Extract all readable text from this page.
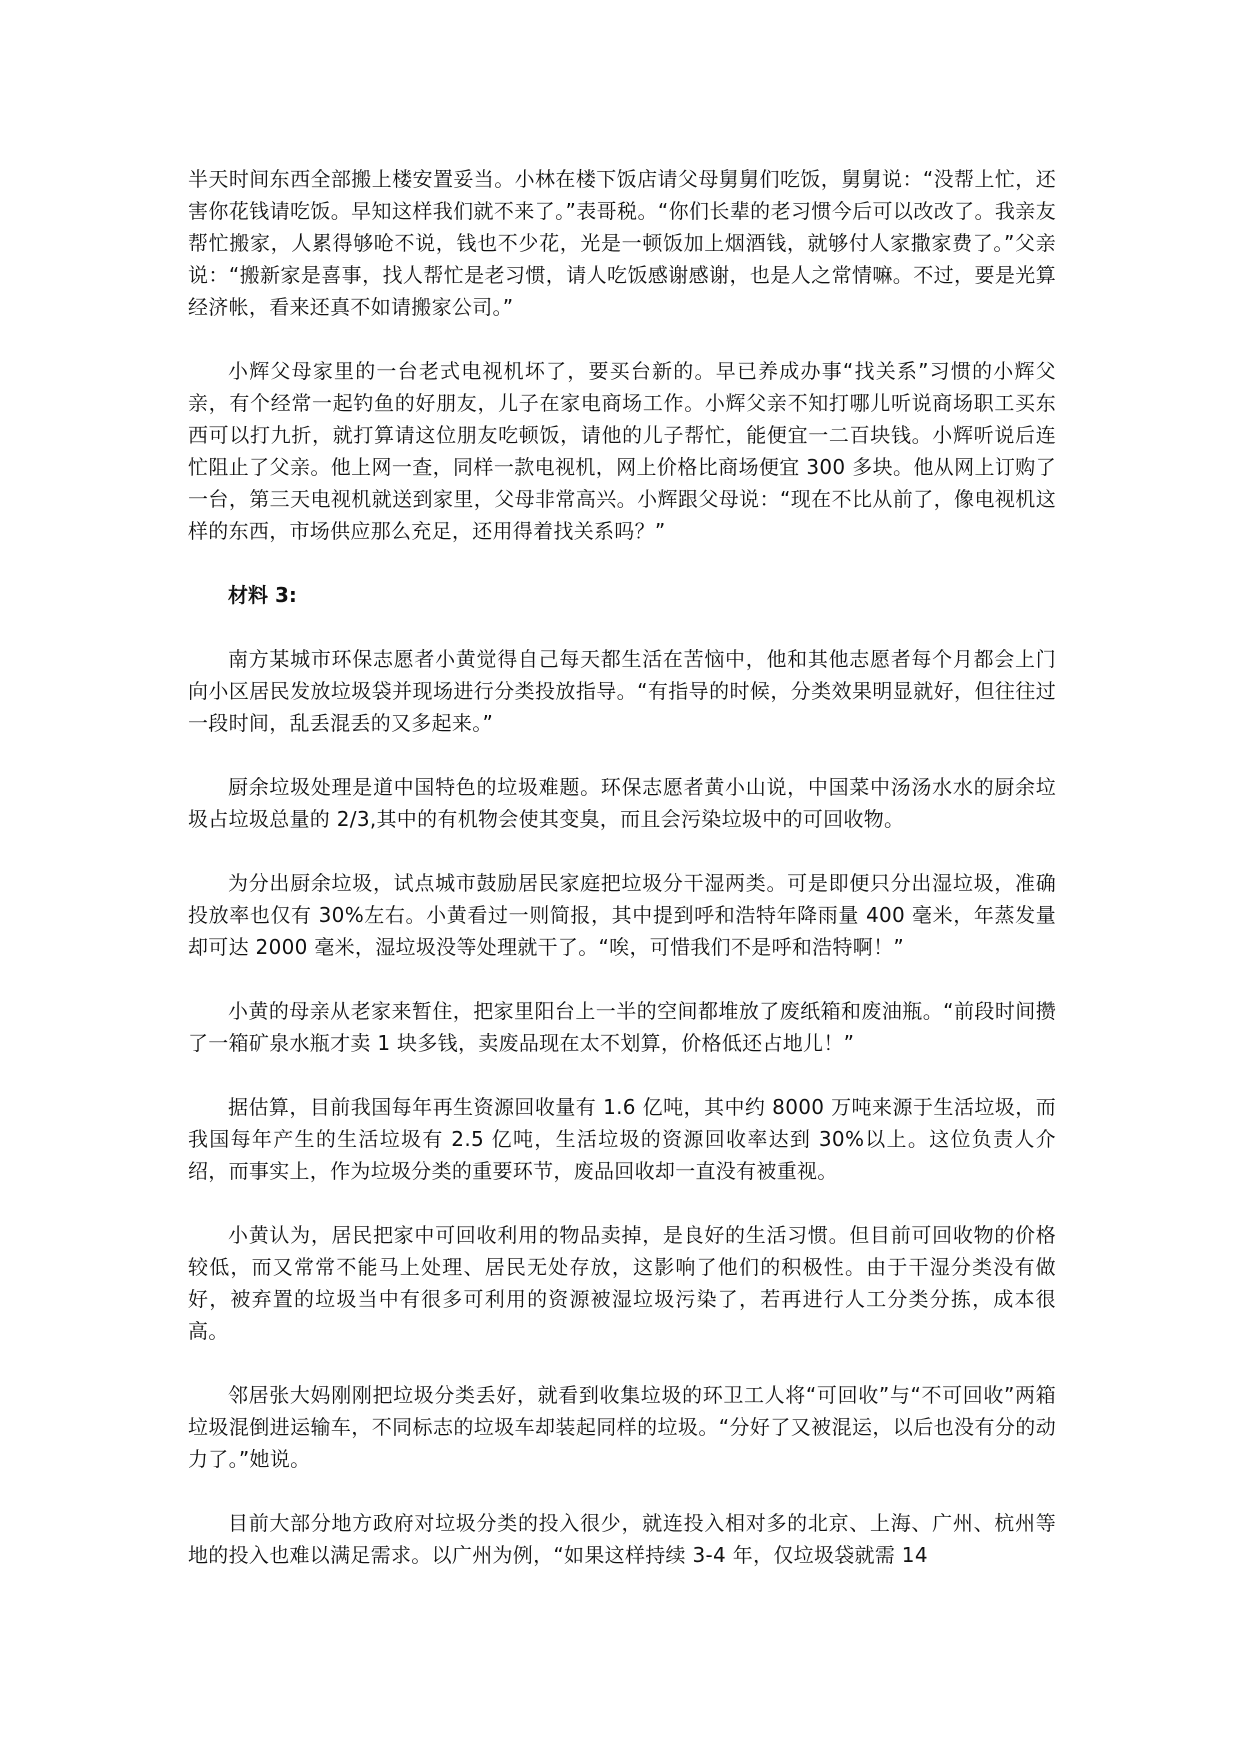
半天时间东西全部搬上楼安置妥当。小林在楼下饭店请父母舅舅们吃饭，舅舅说：“没帮上忙，还害你花钱请吃饭。早知这样我们就不来了。”表哥税。“你们长辈的老习惯今后可以改改了。我亲友帮忙搬家，人累得够呛不说，钱也不少花，光是一顿饭加上烟酒钱，就够付人家撒家费了。”父亲说：“搬新家是喜事，找人帮忙是老习惯，请人吃饭感谢感谢，也是人之常情嘛。不过，要是光算经济帐，看来还真不如请搬家公司。”

小辉父母家里的一台老式电视机坏了，要买台新的。早已养成办事“找关系”习惯的小辉父亲，有个经常一起钓鱼的好朋友，儿子在家电商场工作。小辉父亲不知打哪儿听说商场职工买东西可以打九折，就打算请这位朋友吃顿饭，请他的儿子帮忙，能便宜一二百块钱。小辉听说后连忙阻止了父亲。他上网一查，同样一款电视机，网上价格比商场便宜 300 多块。他从网上订购了一台，第三天电视机就送到家里，父母非常高兴。小辉跟父母说：“现在不比从前了，像电视机这样的东西，市场供应那么充足，还用得着找关系吗？”

材料 3:

南方某城市环保志愿者小黄觉得自己每天都生活在苦恼中，他和其他志愿者每个月都会上门向小区居民发放垃圾袋并现场进行分类投放指导。“有指导的时候，分类效果明显就好，但往往过一段时间，乱丢混丢的又多起来。”

厨余垃圾处理是道中国特色的垃圾难题。环保志愿者黄小山说，中国菜中汤汤水水的厨余垃圾占垃圾总量的 2/3,其中的有机物会使其变臭，而且会污染垃圾中的可回收物。

为分出厨余垃圾，试点城市鼓励居民家庭把垃圾分干湿两类。可是即便只分出湿垃圾，准确投放率也仅有 30%左右。小黄看过一则简报，其中提到呼和浩特年降雨量 400 毫米，年蒸发量却可达 2000 毫米，湿垃圾没等处理就干了。“唉，可惜我们不是呼和浩特啊！”

小黄的母亲从老家来暂住，把家里阳台上一半的空间都堆放了废纸箱和废油瓶。“前段时间攒了一箱矿泉水瓶才卖 1 块多钱，卖废品现在太不划算，价格低还占地儿！”

据估算，目前我国每年再生资源回收量有 1.6 亿吨，其中约 8000 万吨来源于生活垃圾，而我国每年产生的生活垃圾有 2.5 亿吨，生活垃圾的资源回收率达到 30%以上。这位负责人介绍，而事实上，作为垃圾分类的重要环节，废品回收却一直没有被重视。

小黄认为，居民把家中可回收利用的物品卖掉，是良好的生活习惯。但目前可回收物的价格较低，而又常常不能马上处理、居民无处存放，这影响了他们的积极性。由于干湿分类没有做好，被弃置的垃圾当中有很多可利用的资源被湿垃圾污染了，若再进行人工分类分拣，成本很高。

邻居张大妈刚刚把垃圾分类丢好，就看到收集垃圾的环卫工人将“可回收”与“不可回收”两箱垃圾混倒进运输车，不同标志的垃圾车却装起同样的垃圾。“分好了又被混运，以后也没有分的动力了。”她说。

目前大部分地方政府对垃圾分类的投入很少，就连投入相对多的北京、上海、广州、杭州等地的投入也难以满足需求。以广州为例，“如果这样持续 3-4 年，仅垃圾袋就需 14
